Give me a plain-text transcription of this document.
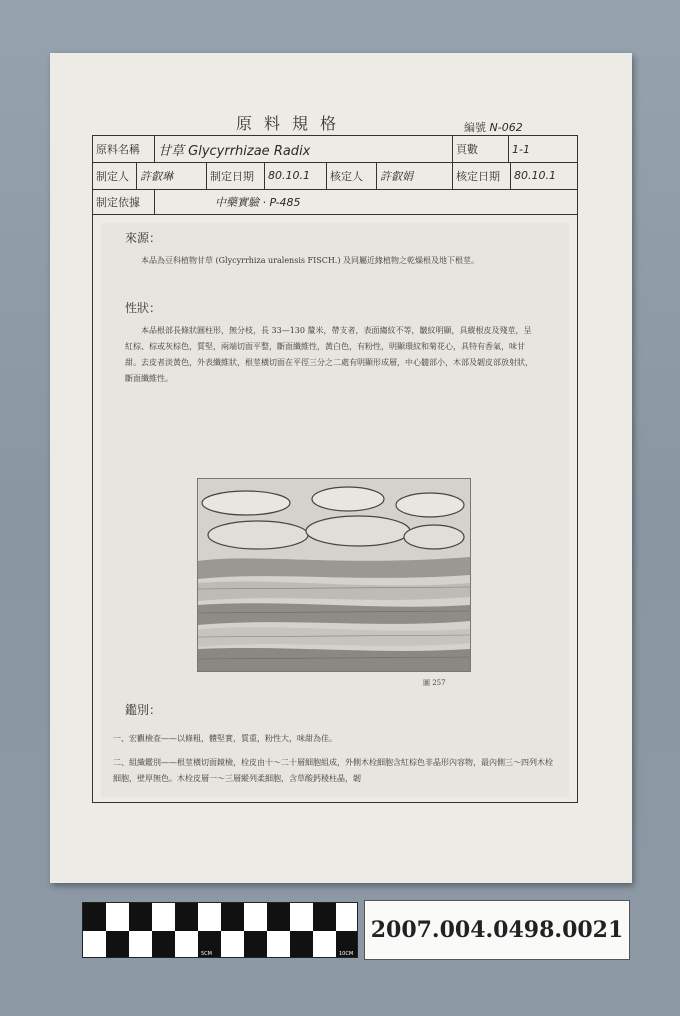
原料規格	編號 N-062
原料名稱	甘草 Glycyrrhizae Radix	頁數	1-1
制定人	許叡琳	制定日期	80.10.1	核定人	許叡娟	核定日期	80.10.1
制定依據	中藥實驗 · P-485
來源：
本品為豆科植物甘草 (Glycyrrhiza uralensis FISCH.) 及同屬近緣植物之乾燥根及地下根莖。
性狀：
本品根部長條狀圓柱形，無分枝，長 33—130 釐米，帶支者，表面縐紋不等，皺紋明顯，具縱根皮及殘莖，呈紅棕、棕或灰棕色，質堅，兩端切面平整，斷面纖維性，黃白色，有粉性，明顯環紋和菊花心，具特有香氣，味甘甜。去皮者淡黃色，外表纖維狀，根莖橫切面在平徑三分之二處有明顯形成層，中心髓部小，木部及韌皮部放射狀，斷面纖維性。
圖 257
鑑別：
一、宏觀檢查——以條粗，體堅實，質重，粉性大，味甜為佳。
二、組織鑑別——根莖橫切面鏡檢，栓皮由十～二十層細胞組成，外側木栓細胞含紅棕色非晶形內容物，最內側三～四列木栓細胞，壁厚無色。木栓皮層一～三層縱列柔細胞，含草酸鈣稜柱晶，韌
0CM	5CM	10CM
2007.004.0498.0021
